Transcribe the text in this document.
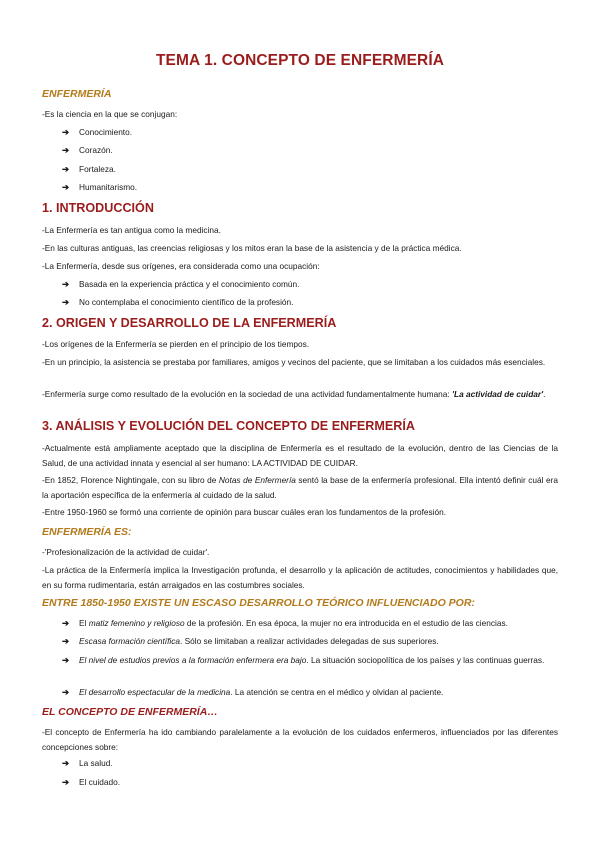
TEMA 1. CONCEPTO DE ENFERMERÍA
ENFERMERÍA
-Es la ciencia en la que se conjugan:
➔	Conocimiento.
➔	Corazón.
➔	Fortaleza.
➔	Humanitarismo.
1. INTRODUCCIÓN
-La Enfermería es tan antigua como la medicina.
-En las culturas antiguas, las creencias religiosas y los mitos eran la base de la asistencia y de la práctica médica.
-La Enfermería, desde sus orígenes, era considerada como una ocupación:
➔	Basada en la experiencia práctica y el conocimiento común.
➔	No contemplaba el conocimiento científico de la profesión.
2. ORIGEN Y DESARROLLO DE LA ENFERMERÍA
-Los orígenes de la Enfermería se pierden en el principio de los tiempos.
-En un principio, la asistencia se prestaba por familiares, amigos y vecinos del paciente, que se limitaban a los cuidados más esenciales.
-Enfermería surge como resultado de la evolución en la sociedad de una actividad fundamentalmente humana: 'La actividad de cuidar'.
3. ANÁLISIS Y EVOLUCIÓN DEL CONCEPTO DE ENFERMERÍA
-Actualmente está ampliamente aceptado que la disciplina de Enfermería es el resultado de la evolución, dentro de las Ciencias de la Salud, de una actividad innata y esencial al ser humano: LA ACTIVIDAD DE CUIDAR.
-En 1852, Florence Nightingale, con su libro de Notas de Enfermería sentó la base de la enfermería profesional. Ella intentó definir cuál era la aportación específica de la enfermería al cuidado de la salud.
-Entre 1950-1960 se formó una corriente de opinión para buscar cuáles eran los fundamentos de la profesión.
ENFERMERÍA ES:
-'Profesionalización de la actividad de cuidar'.
-La práctica de la Enfermería implica la Investigación profunda, el desarrollo y la aplicación de actitudes, conocimientos y habilidades que, en su forma rudimentaria, están arraigados en las costumbres sociales.
ENTRE 1850-1950 EXISTE UN ESCASO DESARROLLO TEÓRICO INFLUENCIADO POR:
➔	El matiz femenino y religioso de la profesión. En esa época, la mujer no era introducida en el estudio de las ciencias.
➔	Escasa formación científica. Sólo se limitaban a realizar actividades delegadas de sus superiores.
➔	El nivel de estudios previos a la formación enfermera era bajo. La situación sociopolítica de los países y las continuas guerras.
➔	El desarrollo espectacular de la medicina. La atención se centra en el médico y olvidan al paciente.
EL CONCEPTO DE ENFERMERÍA…
-El concepto de Enfermería ha ido cambiando paralelamente a la evolución de los cuidados enfermeros, influenciados por las diferentes concepciones sobre:
➔	La salud.
➔	El cuidado.
